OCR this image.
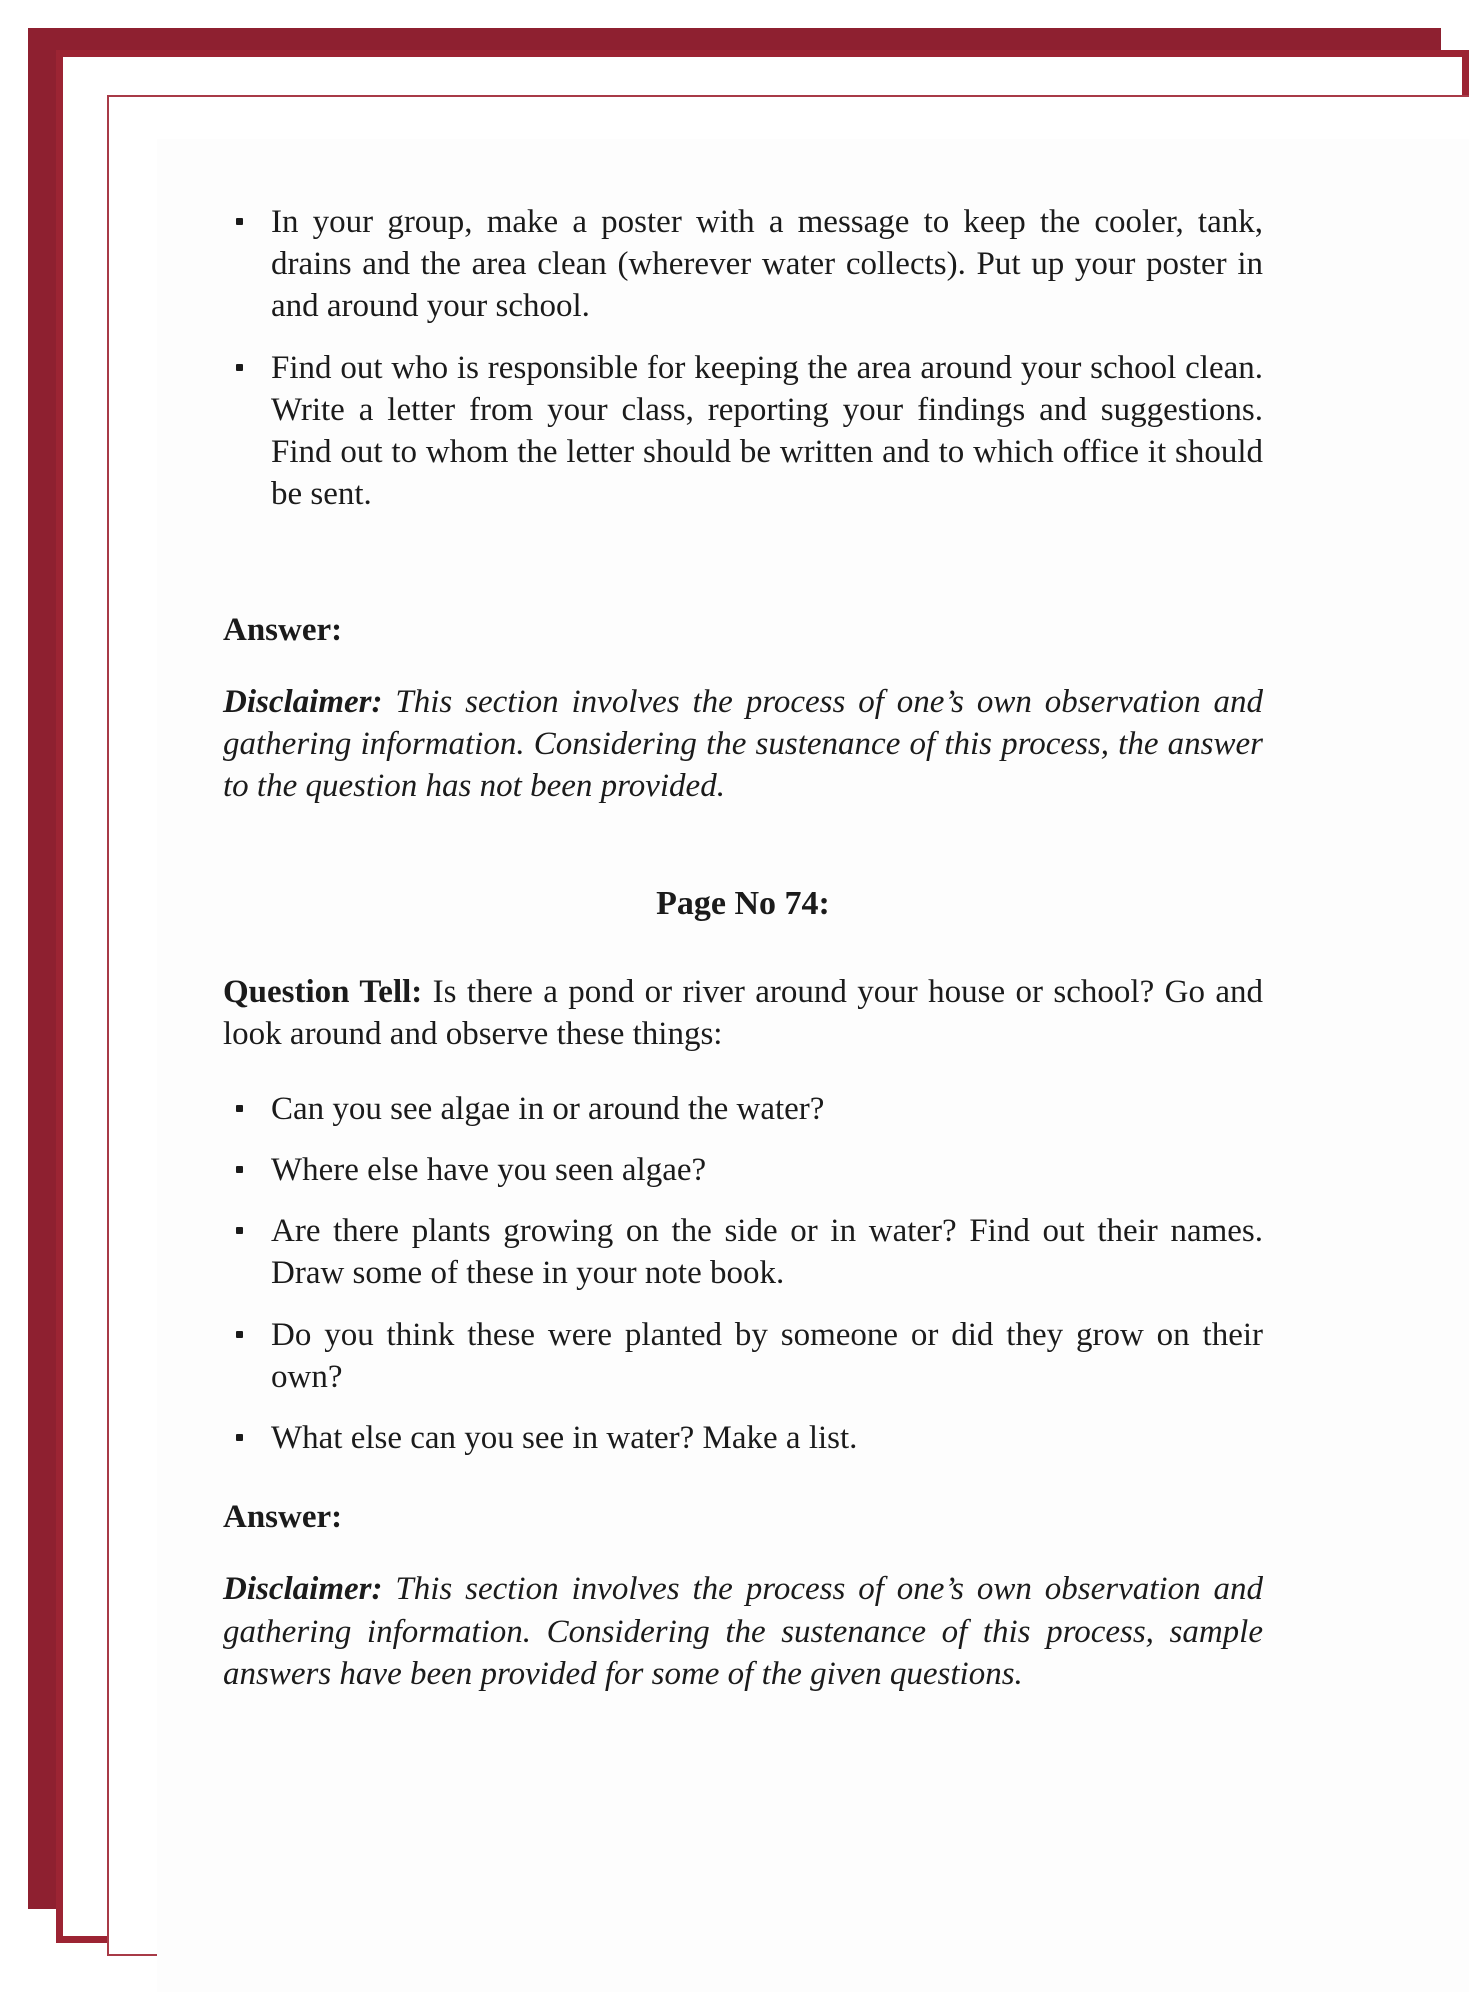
In your group, make a poster with a message to keep the cooler, tank, drains and the area clean (wherever water collects). Put up your poster in and around your school.
Find out who is responsible for keeping the area around your school clean. Write a letter from your class, reporting your findings and suggestions. Find out to whom the letter should be written and to which office it should be sent.

Answer:

Disclaimer: This section involves the process of one’s own observation and gathering information. Considering the sustenance of this process, the answer to the question has not been provided.

Page No 74:

Question Tell: Is there a pond or river around your house or school? Go and look around and observe these things:

Can you see algae in or around the water?
Where else have you seen algae?
Are there plants growing on the side or in water? Find out their names. Draw some of these in your note book.
Do you think these were planted by someone or did they grow on their own?
What else can you see in water? Make a list.

Answer:

Disclaimer: This section involves the process of one’s own observation and gathering information. Considering the sustenance of this process, sample answers have been provided for some of the given questions.
